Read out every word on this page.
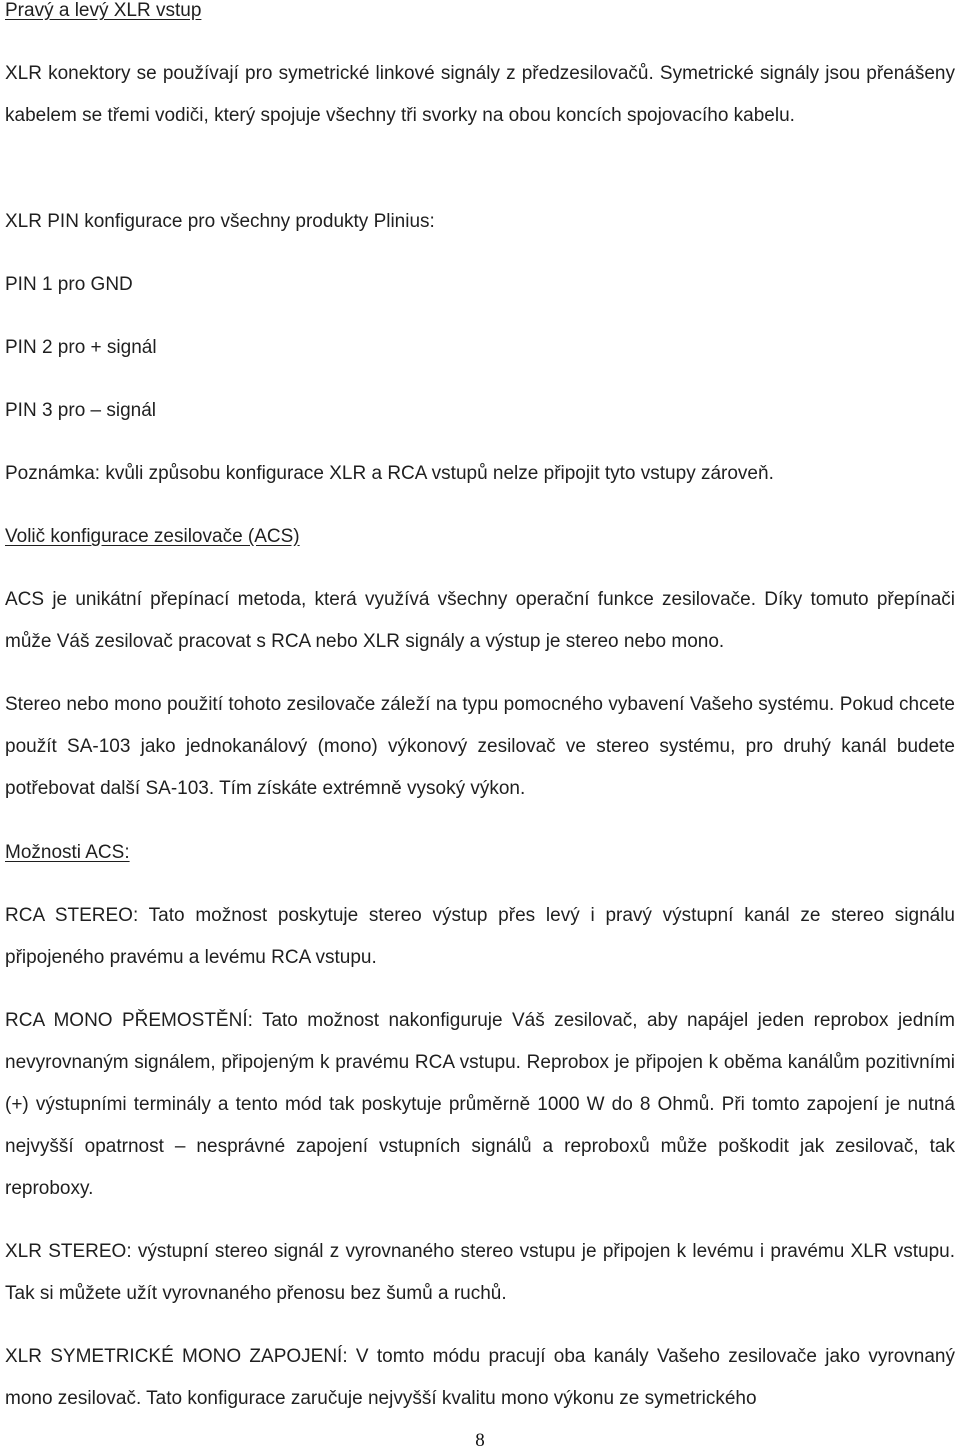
Pravý a levý XLR vstup

XLR konektory se používají pro symetrické linkové signály z předzesilovačů. Symetrické signály jsou přenášeny kabelem se třemi vodiči, který spojuje všechny tři svorky na obou koncích spojovacího kabelu.

XLR PIN konfigurace pro všechny produkty Plinius:

PIN 1 pro GND

PIN 2 pro + signál

PIN 3 pro – signál

Poznámka: kvůli způsobu konfigurace XLR a RCA vstupů nelze připojit tyto vstupy zároveň.

Volič konfigurace zesilovače (ACS)

ACS je unikátní přepínací metoda, která využívá všechny operační funkce zesilovače. Díky tomuto přepínači může Váš zesilovač pracovat s RCA nebo XLR signály a výstup je stereo nebo mono.

Stereo nebo mono použití tohoto zesilovače záleží na typu pomocného vybavení Vašeho systému. Pokud chcete použít SA-103 jako jednokanálový (mono) výkonový zesilovač ve stereo systému, pro druhý kanál budete potřebovat další SA-103. Tím získáte extrémně vysoký výkon.

Možnosti ACS:

RCA STEREO: Tato možnost poskytuje stereo výstup přes levý i pravý výstupní kanál ze stereo signálu připojeného pravému a levému RCA vstupu.

RCA MONO PŘEMOSTĚNÍ: Tato možnost nakonfiguruje Váš zesilovač, aby napájel jeden reprobox jedním nevyrovnaným signálem, připojeným k pravému RCA vstupu. Reprobox je připojen k oběma kanálům pozitivními (+) výstupními terminály a tento mód tak poskytuje průměrně 1000 W do 8 Ohmů. Při tomto zapojení je nutná nejvyšší opatrnost – nesprávné zapojení vstupních signálů a reproboxů může poškodit jak zesilovač, tak reproboxy.

XLR STEREO: výstupní stereo signál z vyrovnaného stereo vstupu je připojen k levému i pravému XLR vstupu. Tak si můžete užít vyrovnaného přenosu bez šumů a ruchů.

XLR SYMETRICKÉ MONO ZAPOJENÍ: V tomto módu pracují oba kanály Vašeho zesilovače jako vyrovnaný mono zesilovač. Tato konfigurace zaručuje nejvyšší kvalitu mono výkonu ze symetrického

8
